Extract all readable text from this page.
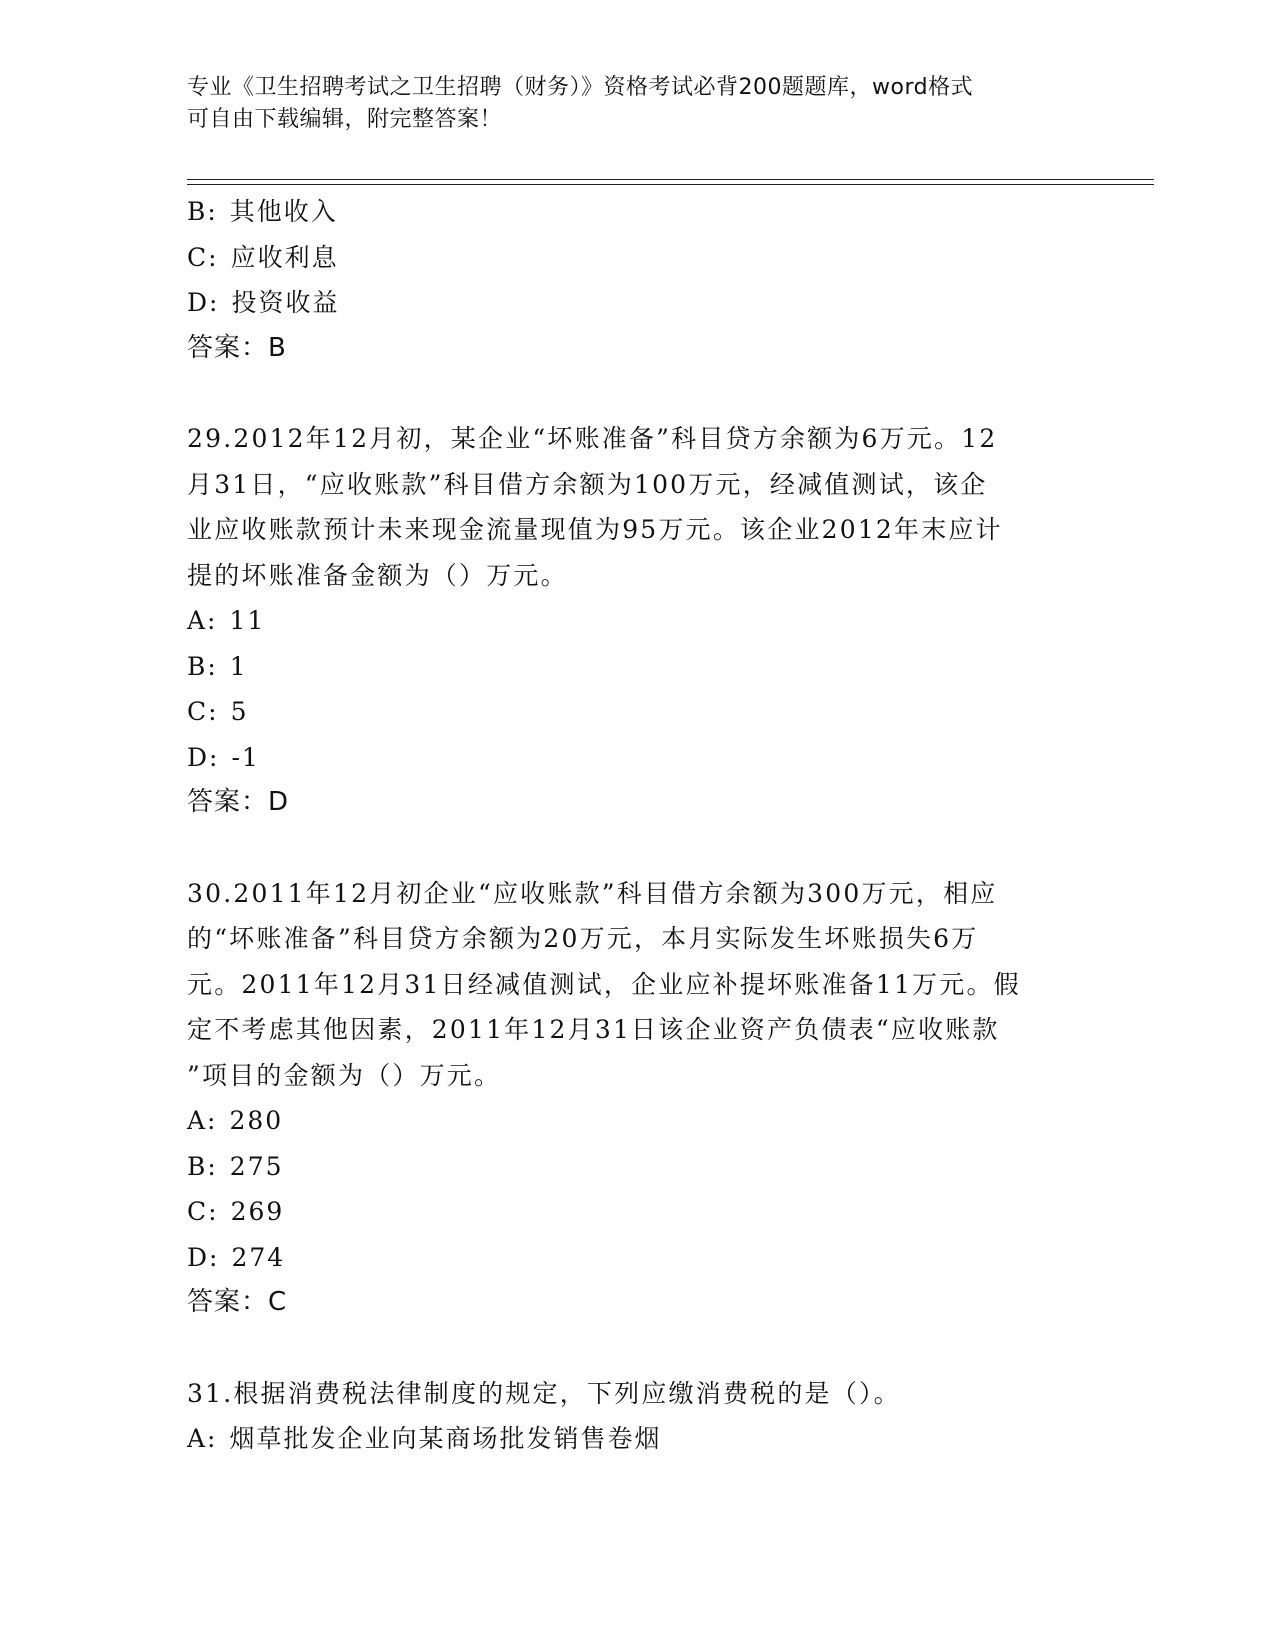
专业《卫生招聘考试之卫生招聘（财务）》资格考试必背200题题库，word格式
可自由下载编辑，附完整答案！
B: 其他收入
C: 应收利息
D: 投资收益
答案：B
29.2012年12月初，某企业“坏账准备”科目贷方余额为6万元。12
月31日，“应收账款”科目借方余额为100万元，经减值测试，该企
业应收账款预计未来现金流量现值为95万元。该企业2012年末应计
提的坏账准备金额为（）万元。
A: 11
B: 1
C: 5
D: -1
答案：D
30.2011年12月初企业“应收账款”科目借方余额为300万元，相应
的“坏账准备”科目贷方余额为20万元，本月实际发生坏账损失6万
元。2011年12月31日经减值测试，企业应补提坏账准备11万元。假
定不考虑其他因素，2011年12月31日该企业资产负债表“应收账款
”项目的金额为（）万元。
A: 280
B: 275
C: 269
D: 274
答案：C
31.根据消费税法律制度的规定，下列应缴消费税的是（）。
A: 烟草批发企业向某商场批发销售卷烟
